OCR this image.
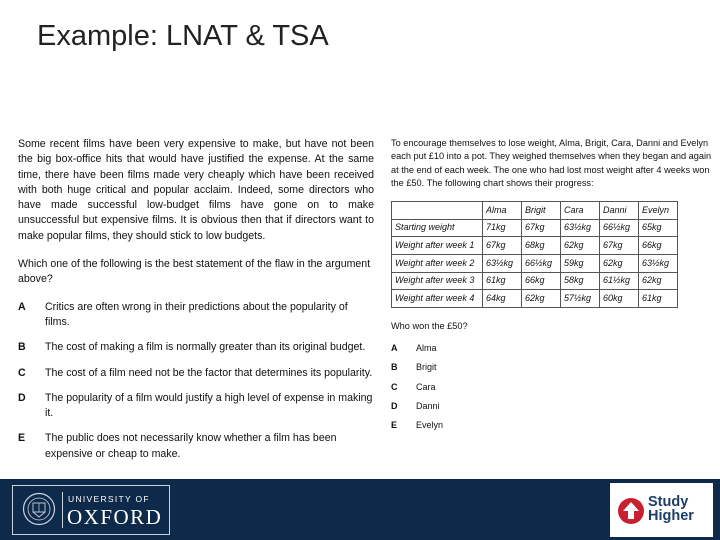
Example: LNAT & TSA

Some recent films have been very expensive to make, but have not been the big box-office hits that would have justified the expense. At the same time, there have been films made very cheaply which have been received with both huge critical and popular acclaim. Indeed, some directors who have made successful low-budget films have gone on to make unsuccessful but expensive films. It is obvious then that if directors want to make popular films, they should stick to low budgets.

Which one of the following is the best statement of the flaw in the argument above?
A	Critics are often wrong in their predictions about the popularity of films.
B	The cost of making a film is normally greater than its original budget.
C	The cost of a film need not be the factor that determines its popularity.
D	The popularity of a film would justify a high level of expense in making it.
E	The public does not necessarily know whether a film has been expensive or cheap to make.

To encourage themselves to lose weight, Alma, Brigit, Cara, Danni and Evelyn each put £10 into a pot. They weighed themselves when they began and again at the end of each week. The one who had lost most weight after 4 weeks won the £50. The following chart shows their progress:

	Alma	Brigit	Cara	Danni	Evelyn
Starting weight	71kg	67kg	63½kg	66½kg	65kg
Weight after week 1	67kg	68kg	62kg	67kg	66kg
Weight after week 2	63½kg	66½kg	59kg	62kg	63½kg
Weight after week 3	61kg	66kg	58kg	61½kg	62kg
Weight after week 4	64kg	62kg	57½kg	60kg	61kg
Who won the £50?
A	Alma
B	Brigit
C	Cara
D	Danni
E	Evelyn
UNIVERSITY OF
OXFORD
Study
Higher
